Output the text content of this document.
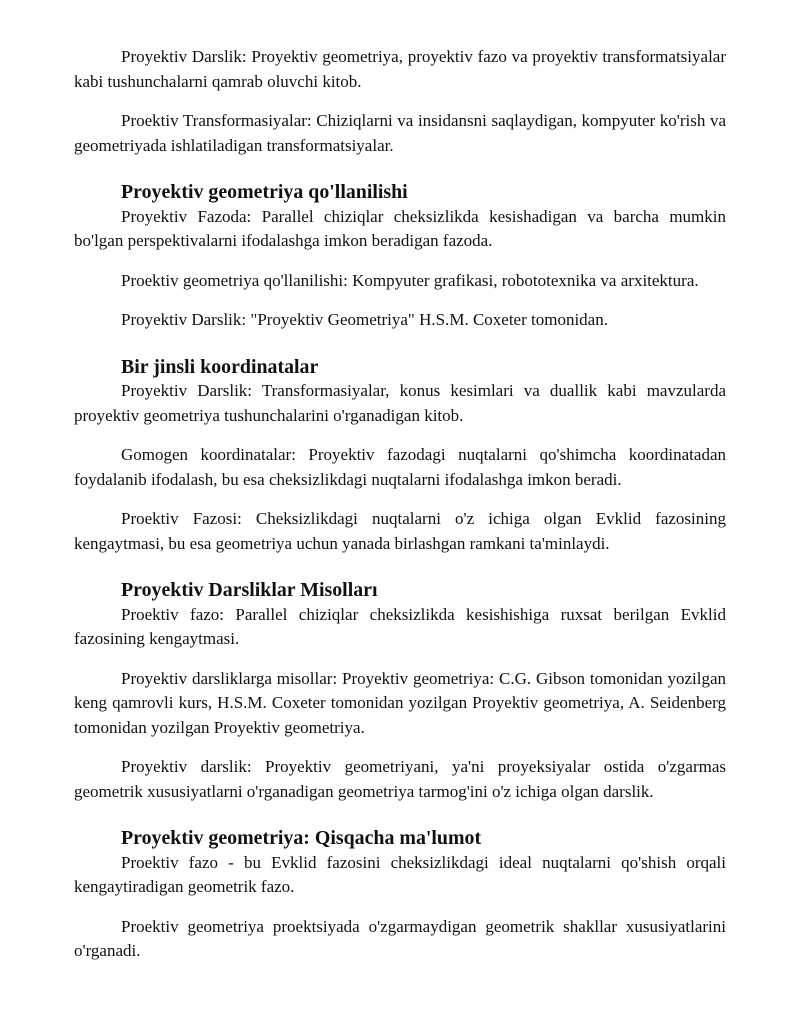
Proyektiv Darslik: Proyektiv geometriya, proyektiv fazo va proyektiv transformatsiyalar kabi tushunchalarni qamrab oluvchi kitob.

Proektiv Transformasiyalar: Chiziqlarni va insidansni saqlaydigan, kompyuter ko'rish va geometriyada ishlatiladigan transformatsiyalar.

Proyektiv geometriya qo'llanilishi

Proyektiv Fazoda: Parallel chiziqlar cheksizlikda kesishadigan va barcha mumkin bo'lgan perspektivalarni ifodalashga imkon beradigan fazoda.

Proektiv geometriya qo'llanilishi: Kompyuter grafikasi, robototexnika va arxitektura.

Proyektiv Darslik: "Proyektiv Geometriya" H.S.M. Coxeter tomonidan.

Bir jinsli koordinatalar

Proyektiv Darslik: Transformasiyalar, konus kesimlari va duallik kabi mavzularda proyektiv geometriya tushunchalarini o'rganadigan kitob.

Gomogen koordinatalar: Proyektiv fazodagi nuqtalarni qo'shimcha koordinatadan foydalanib ifodalash, bu esa cheksizlikdagi nuqtalarni ifodalashga imkon beradi.

Proektiv Fazosi: Cheksizlikdagi nuqtalarni o'z ichiga olgan Evklid fazosining kengaytmasi, bu esa geometriya uchun yanada birlashgan ramkani ta'minlaydi.

Proyektiv Darsliklar Misolları

Proektiv fazo: Parallel chiziqlar cheksizlikda kesishishiga ruxsat berilgan Evklid fazosining kengaytmasi.

Proyektiv darsliklarga misollar: Proyektiv geometriya: C.G. Gibson tomonidan yozilgan keng qamrovli kurs, H.S.M. Coxeter tomonidan yozilgan Proyektiv geometriya, A. Seidenberg tomonidan yozilgan Proyektiv geometriya.

Proyektiv darslik: Proyektiv geometriyani, ya'ni proyeksiyalar ostida o'zgarmas geometrik xususiyatlarni o'rganadigan geometriya tarmog'ini o'z ichiga olgan darslik.

Proyektiv geometriya: Qisqacha ma'lumot

Proektiv fazo - bu Evklid fazosini cheksizlikdagi ideal nuqtalarni qo'shish orqali kengaytiradigan geometrik fazo.

Proektiv geometriya proektsiyada o'zgarmaydigan geometrik shakllar xususiyatlarini o'rganadi.
